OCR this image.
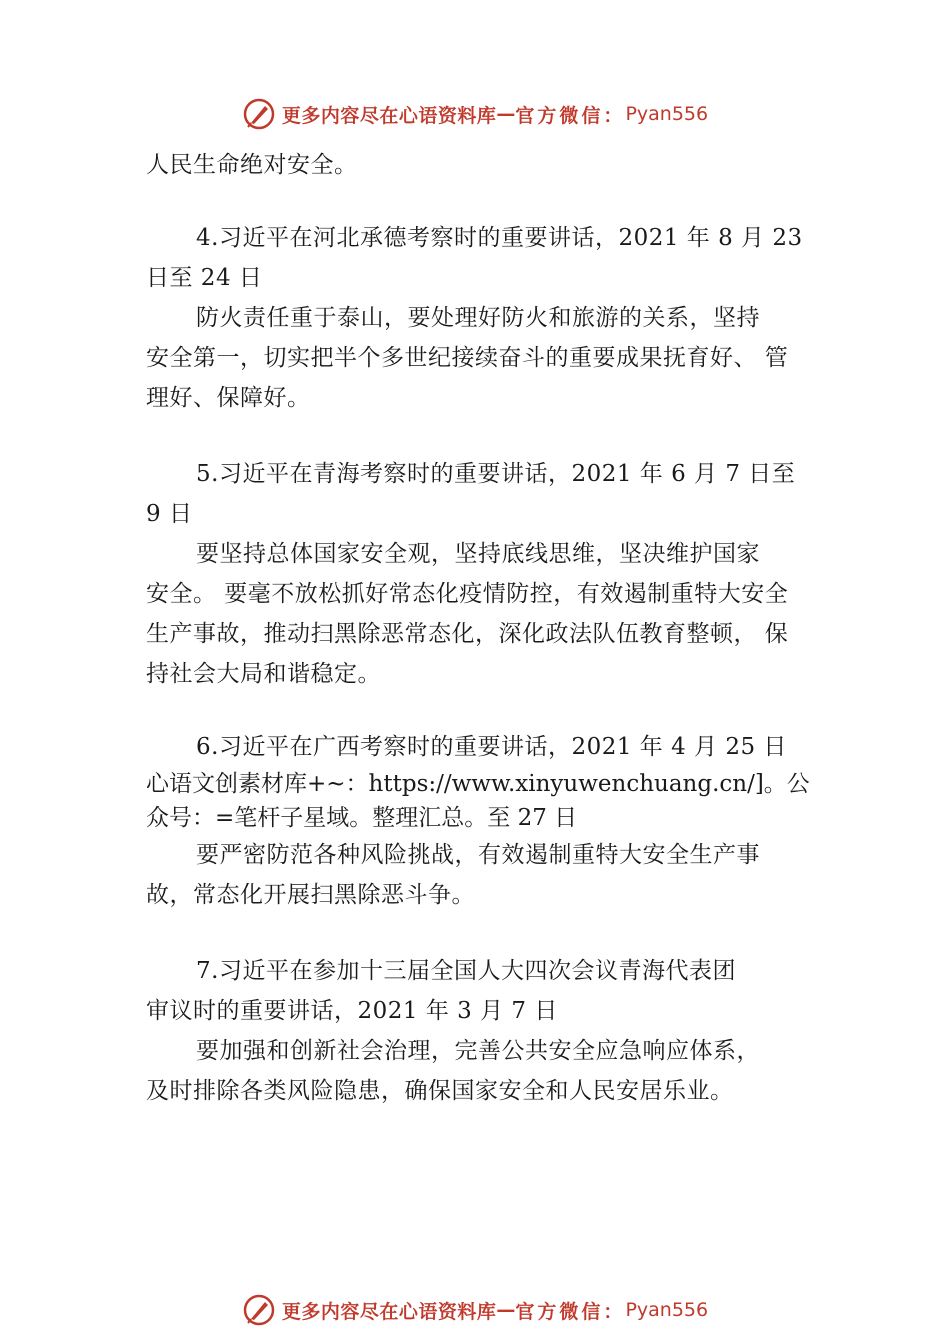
更多内容尽在心语资料库 — 官方微信： Pyan556
人民生命绝对安全。
4.习近平在河北承德考察时的重要讲话，2021 年 8 月 23
日至 24 日
防火责任重于泰山，要处理好防火和旅游的关系，坚持
安全第一，切实把半个多世纪接续奋斗的重要成果抚育好、 管
理好、保障好。
5.习近平在青海考察时的重要讲话，2021 年 6 月 7 日至
9 日
要坚持总体国家安全观，坚持底线思维，坚决维护国家
安全。 要毫不放松抓好常态化疫情防控，有效遏制重特大安全
生产事故，推动扫黑除恶常态化，深化政法队伍教育整顿， 保
持社会大局和谐稳定。
6.习近平在广西考察时的重要讲话，2021 年 4 月 25 日
心语文创素材库+~：https://www.xinyuwenchuang.cn/]。公
众号：=笔杆子星域。整理汇总。至 27 日
要严密防范各种风险挑战，有效遏制重特大安全生产事
故，常态化开展扫黑除恶斗争。
7.习近平在参加十三届全国人大四次会议青海代表团
审议时的重要讲话，2021 年 3 月 7 日
要加强和创新社会治理，完善公共安全应急响应体系，
及时排除各类风险隐患，确保国家安全和人民安居乐业。
更多内容尽在心语资料库 — 官方微信： Pyan556
